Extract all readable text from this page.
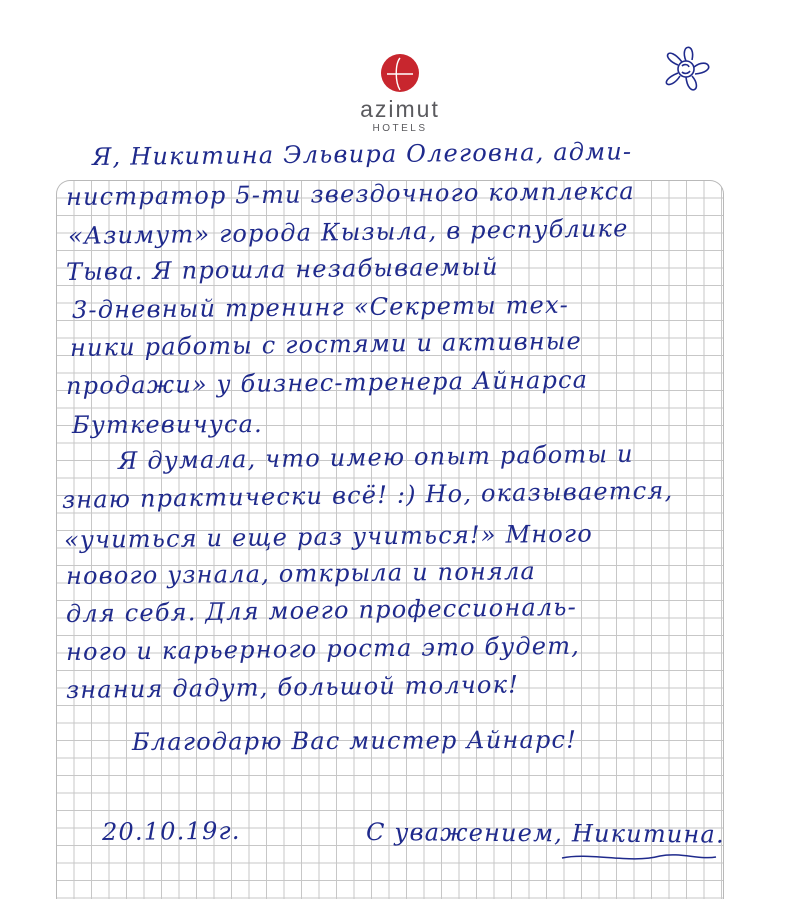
azimut
HOTELS
Я, Никитина Эльвира Олеговна, адми-
нистратор 5-ти звездочного комплекса
«Азимут» города Кызыла, в республике
Тыва. Я прошла незабываемый
3-дневный тренинг «Секреты тех-
ники работы с гостями и активные
продажи» у бизнес-тренера Айнарса
Буткевичуса.
Я думала, что имею опыт работы и
знаю практически всё! :) Но, оказывается,
«учиться и еще раз учиться!» Много
нового узнала, открыла и поняла
для себя. Для моего профессиональ-
ного и карьерного роста это будет,
знания дадут, большой толчок!
Благодарю Вас мистер Айнарс!
20.10.19г.	С уважением, Никитина.
